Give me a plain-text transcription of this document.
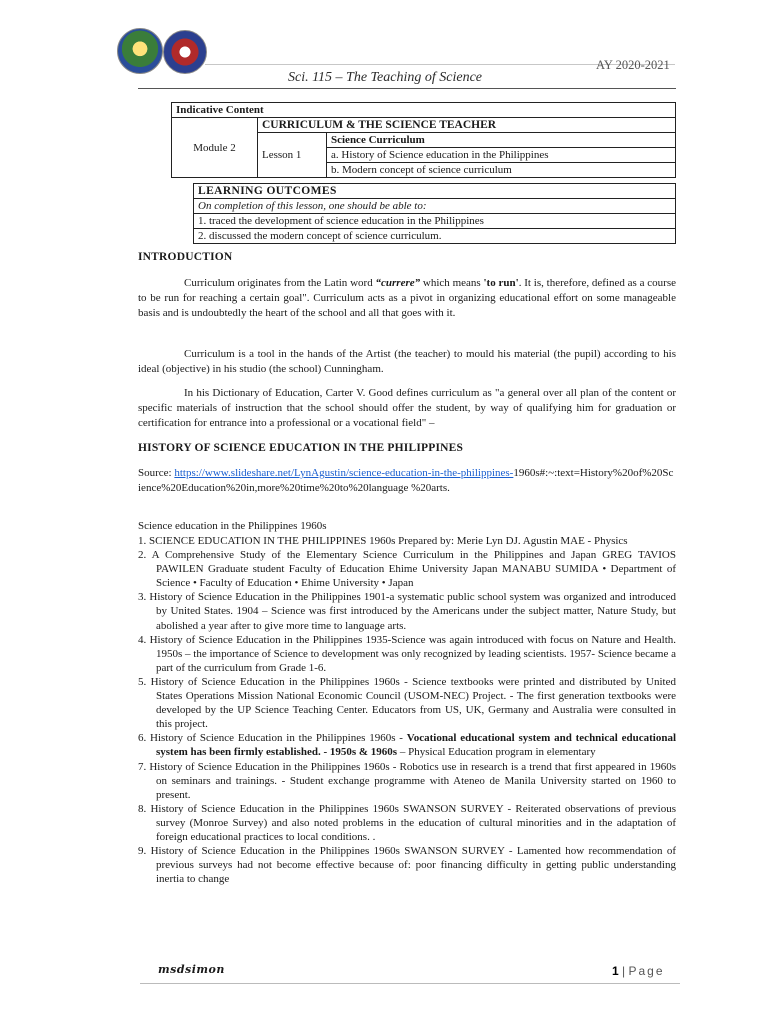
AY 2020-2021
Sci. 115 – The Teaching of Science
Indicative Content		
Module 2	CURRICULUM & THE SCIENCE TEACHER	
	Lesson 1	Science Curriculum
		a. History of Science education in the Philippines
		b. Modern concept of science curriculum
LEARNING OUTCOMES
On completion of this lesson, one should be able to:
1. traced the development of science education in the Philippines
2. discussed the modern concept of science curriculum.
INTRODUCTION
Curriculum originates from the Latin word “currere” which means 'to run'. It is, therefore, defined as a course to be run for reaching a certain goal". Curriculum acts as a pivot in organizing educational effort on some manageable basis and is undoubtedly the heart of the school and all that goes with it.
Curriculum is a tool in the hands of the Artist (the teacher) to mould his material (the pupil) according to his ideal (objective) in his studio (the school) Cunningham.
In his Dictionary of Education, Carter V. Good defines curriculum as "a general over all plan of the content or specific materials of instruction that the school should offer the student, by way of qualifying him for graduation or certification for entrance into a professional or a vocational field" –
HISTORY OF SCIENCE EDUCATION IN THE PHILIPPINES
Source: https://www.slideshare.net/LynAgustin/science-education-in-the-philippines-1960s#:~:text=History%20of%20Science%20Education%20in,more%20time%20to%20language %20arts.
Science education in the Philippines 1960s
1. SCIENCE EDUCATION IN THE PHILIPPINES 1960s Prepared by: Merie Lyn DJ. Agustin MAE - Physics
2. A Comprehensive Study of the Elementary Science Curriculum in the Philippines and Japan GREG TAVIOS PAWILEN Graduate student Faculty of Education Ehime University Japan MANABU SUMIDA • Department of Science • Faculty of Education • Ehime University • Japan
3. History of Science Education in the Philippines 1901-a systematic public school system was organized and introduced by United States. 1904 – Science was first introduced by the Americans under the subject matter, Nature Study, but abolished a year after to give more time to language arts.
4. History of Science Education in the Philippines 1935-Science was again introduced with focus on Nature and Health. 1950s – the importance of Science to development was only recognized by leading scientists. 1957- Science became a part of the curriculum from Grade 1-6.
5. History of Science Education in the Philippines 1960s - Science textbooks were printed and distributed by United States Operations Mission National Economic Council (USOM-NEC) Project. - The first generation textbooks were developed by the UP Science Teaching Center. Educators from US, UK, Germany and Australia were consulted in this project.
6. History of Science Education in the Philippines 1960s - Vocational educational system and technical educational system has been firmly established. - 1950s & 1960s – Physical Education program in elementary
7. History of Science Education in the Philippines 1960s - Robotics use in research is a trend that first appeared in 1960s on seminars and trainings. - Student exchange programme with Ateneo de Manila University started on 1960 to present.
8. History of Science Education in the Philippines 1960s SWANSON SURVEY - Reiterated observations of previous survey (Monroe Survey) and also noted problems in the education of cultural minorities and in the adaptation of foreign educational practices to local conditions. .
9. History of Science Education in the Philippines 1960s SWANSON SURVEY - Lamented how recommendation of previous surveys had not become effective because of: poor financing difficulty in getting public understanding inertia to change
msdsimon	1 | Page
